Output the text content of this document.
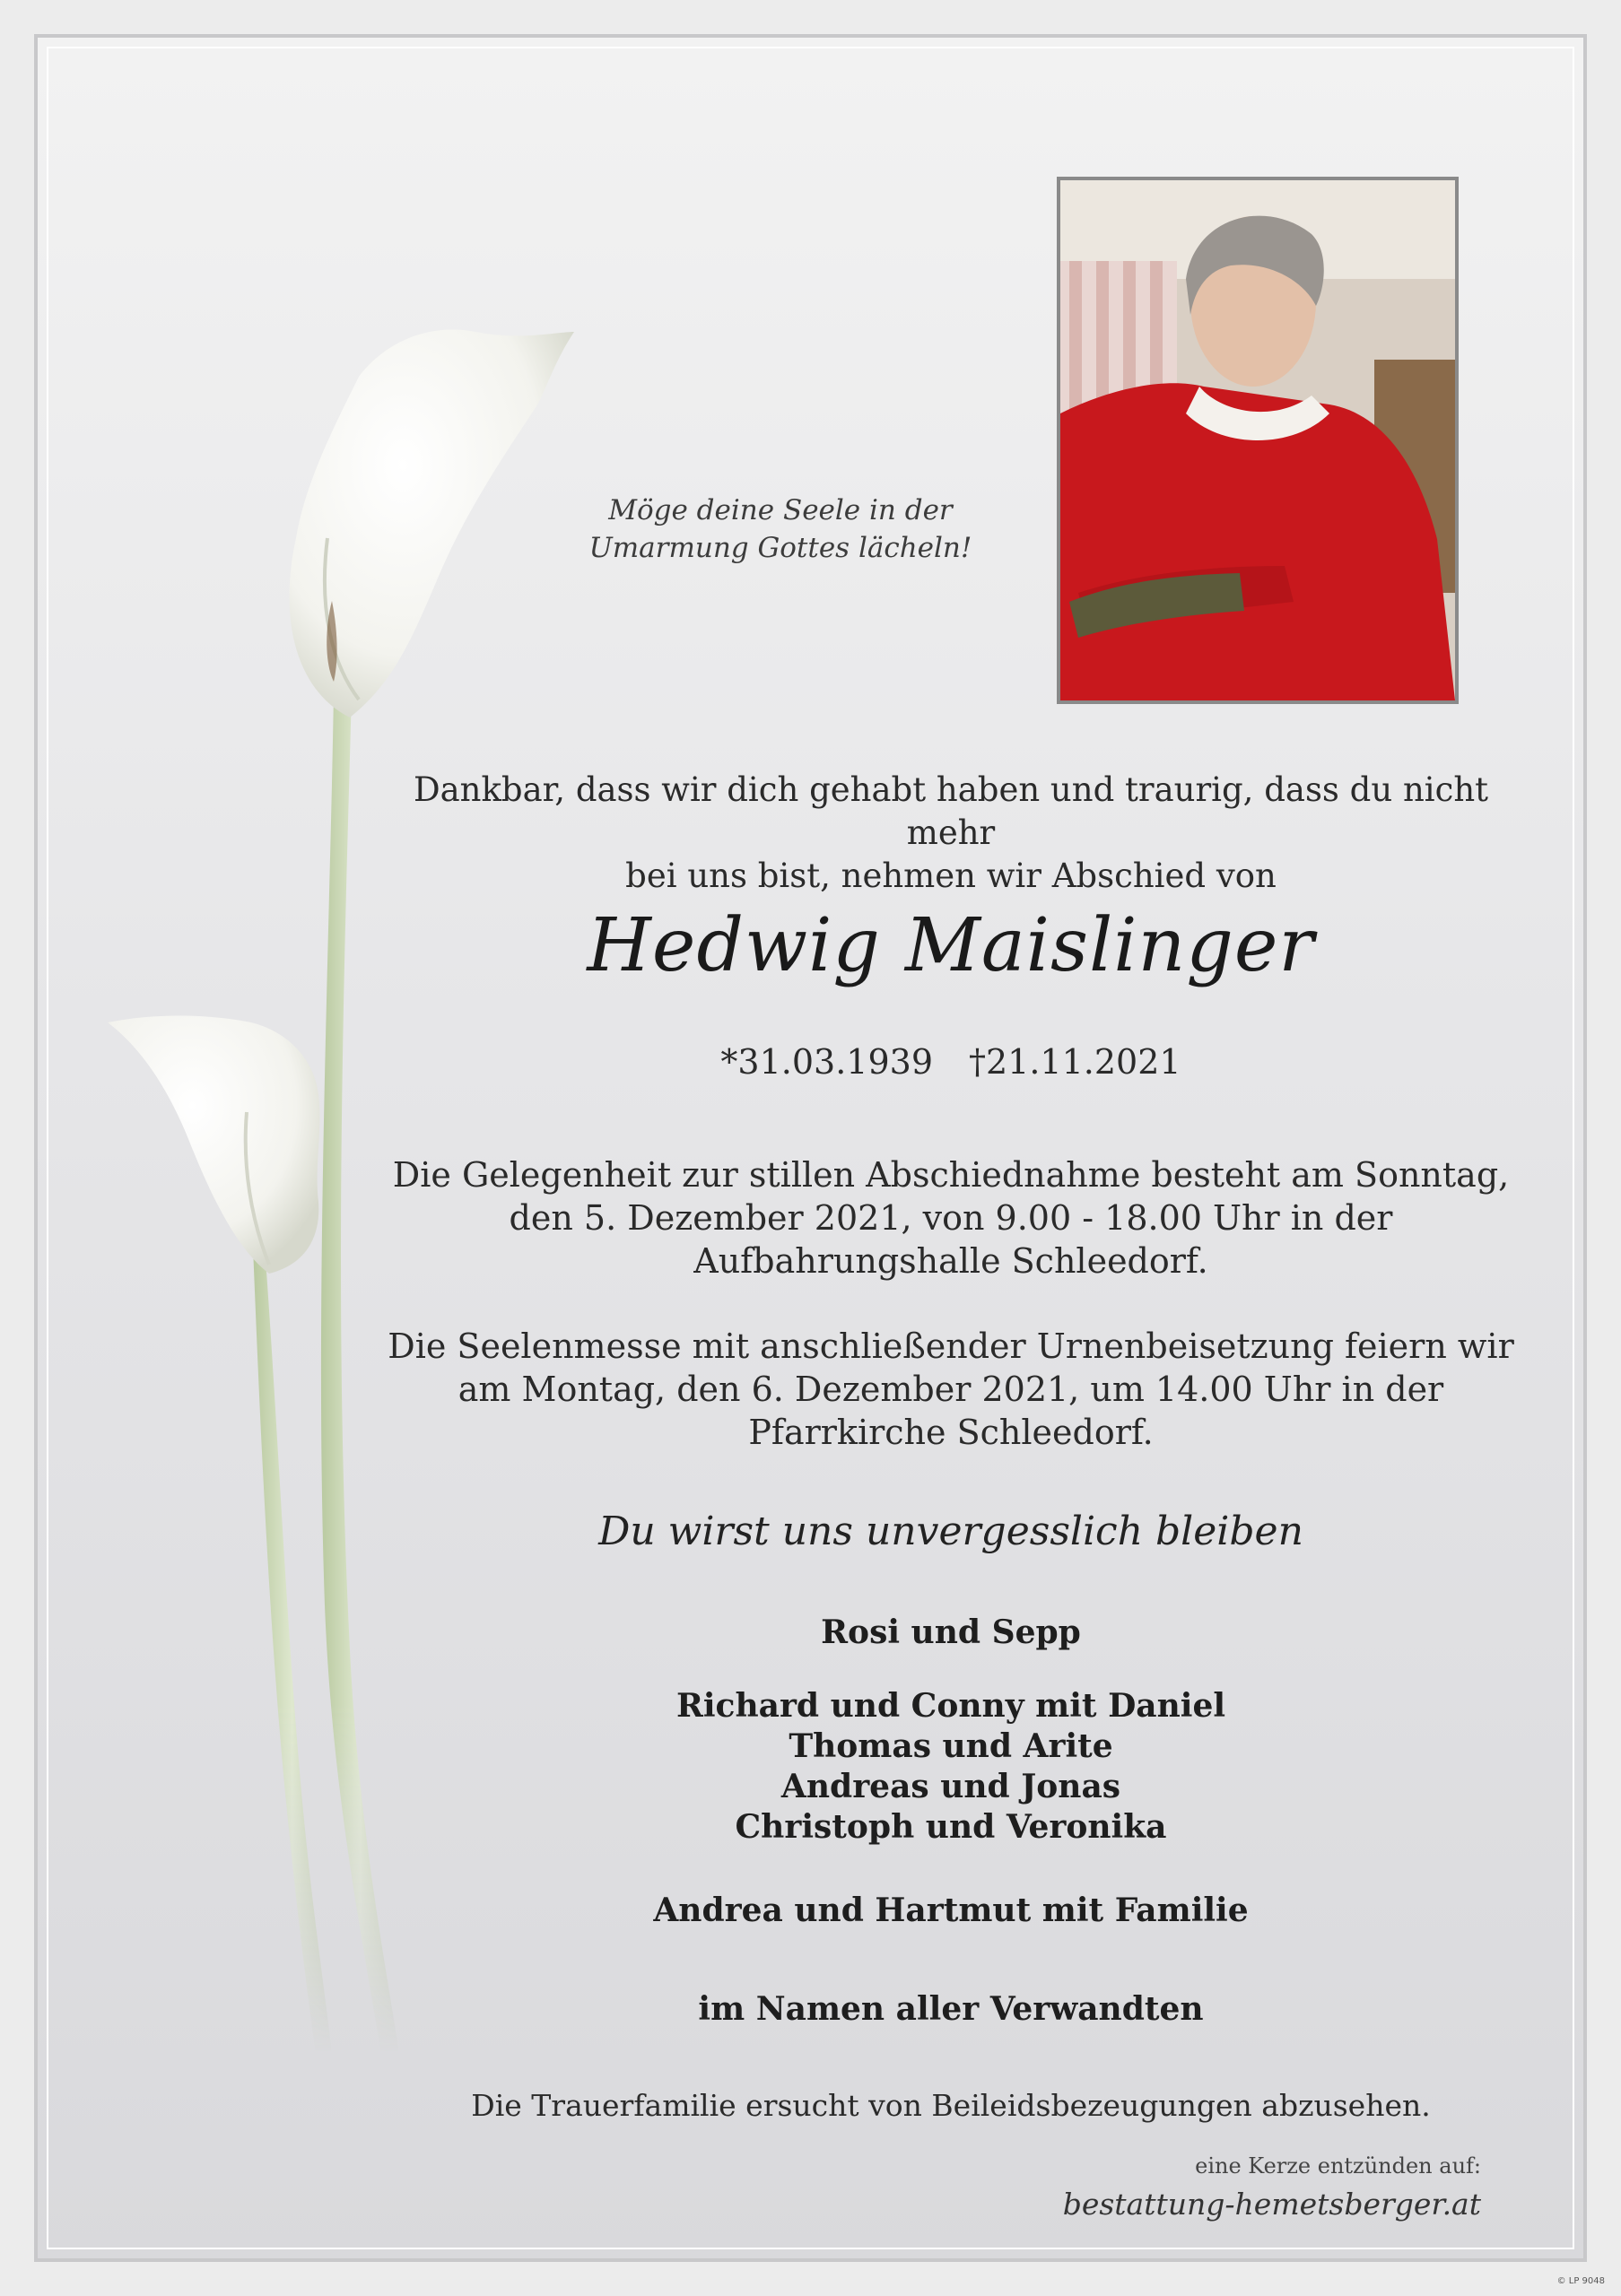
Möge deine Seele in der
Umarmung Gottes lächeln!
Dankbar, dass wir dich gehabt haben und traurig, dass du nicht mehr
bei uns bist, nehmen wir Abschied von
Hedwig Maislinger
*31.03.1939 †21.11.2021
Die Gelegenheit zur stillen Abschiednahme besteht am Sonntag,
den 5. Dezember 2021, von 9.00 - 18.00 Uhr in der
Aufbahrungshalle Schleedorf.
Die Seelenmesse mit anschließender Urnenbeisetzung feiern wir
am Montag, den 6. Dezember 2021, um 14.00 Uhr in der
Pfarrkirche Schleedorf.
Du wirst uns unvergesslich bleiben
Rosi und Sepp
Richard und Conny mit Daniel
Thomas und Arite
Andreas und Jonas
Christoph und Veronika
Andrea und Hartmut mit Familie
im Namen aller Verwandten
Die Trauerfamilie ersucht von Beileidsbezeugungen abzusehen.
eine Kerze entzünden auf:
bestattung-hemetsberger.at
© LP 9048
